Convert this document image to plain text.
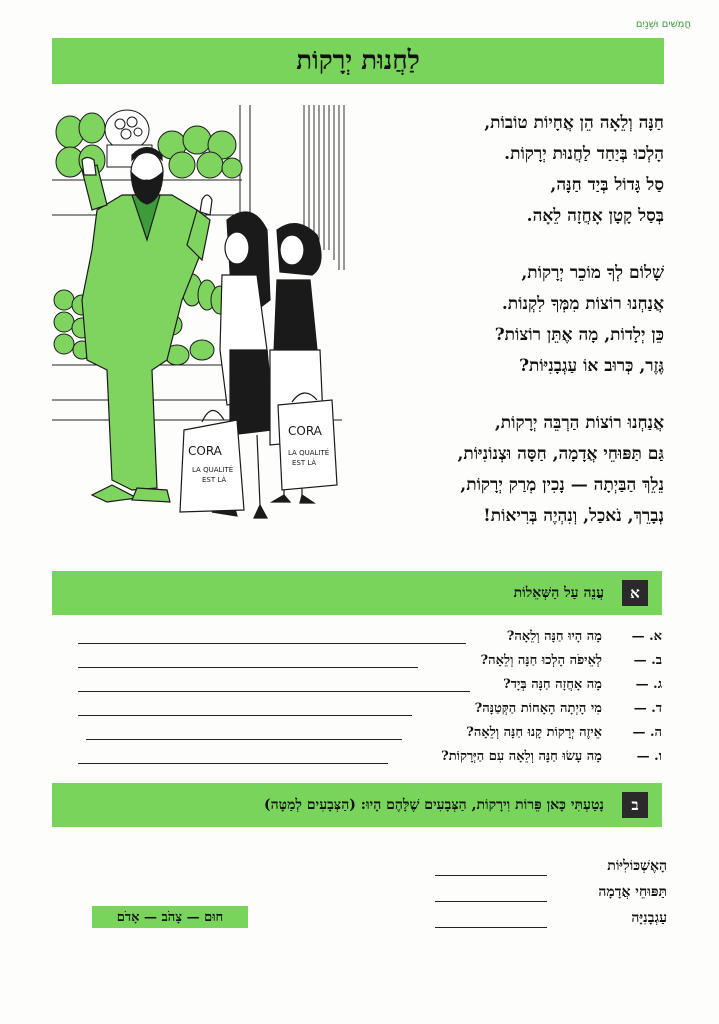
חֲמִשִּׁים וּשְׁנַיִם
לַחֲנוּת יְרָקוֹת
CORA
LA QUALITÉ
EST LÀ
CORA
LA QUALITÉ
EST LÀ
חַנָּה וְלֵאָה הֵן אֲחָיוֹת טוֹבוֹת,
הָלְכוּ בְּיַחַד לַחֲנוּת יְרָקוֹת.
סַל גָּדוֹל בְּיַד חַנָּה,
בְּסַל קָטָן אָחֲזָה לֵאָה.
שָׁלוֹם לְךָ מוֹכֵר יְרָקוֹת,
אֲנַחְנוּ רוֹצוֹת מִמְּךָ לִקְנוֹת.
כֵּן יְלָדוֹת, מָה אֶתֵּן רוֹצוֹת?
גֶּזֶר, כְּרוּב אוֹ עַגְבָנִיּוֹת?
אֲנַחְנוּ רוֹצוֹת הַרְבֵּה יְרָקוֹת,
גַּם תַּפּוּחֵי אֲדָמָה, חַסָּה וּצְנוֹנִיּוֹת,
נֵלֵךְ הַבַּיְתָה — נָכִין מְרַק יְרָקוֹת,
נְבָרֵךְ, נֹאכַל, וְנִהְיֶה בְּרִיאוֹת!
עֲנֵה עַל הַשְּׁאֵלוֹת	א
א. —
מָה הָיוּ חַנָּה וְלֵאָה?
ב. —
לְאֵיפֹה הָלְכוּ חַנָּה וְלֵאָה?
ג. —
מָה אָחֲזָה חַנָּה בְּיָד?
ד. —
מִי הָיְתָה הָאָחוֹת הַקְּטַנָּה?
ה. —
אֵיזֶה יְרָקוֹת קָנוּ חַנָּה וְלֵאָה?
ו. —
מָה עָשׂוּ חַנָּה וְלֵאָה עִם הַיְּרָקוֹת?
נָטַעְתִּי כָּאן פֵּרוֹת וִירָקוֹת, הַצְּבָעִים שֶׁלָּהֶם הָיוּ: (הַצְּבָעִים לְמַטָּה)	ב
הָאֶשְׁכּוֹלִיּוֹת
תַּפּוּחֵי אֲדָמָה
עַגְבָנִיָּה
חוּם — צָהֹב — אָדֹם
